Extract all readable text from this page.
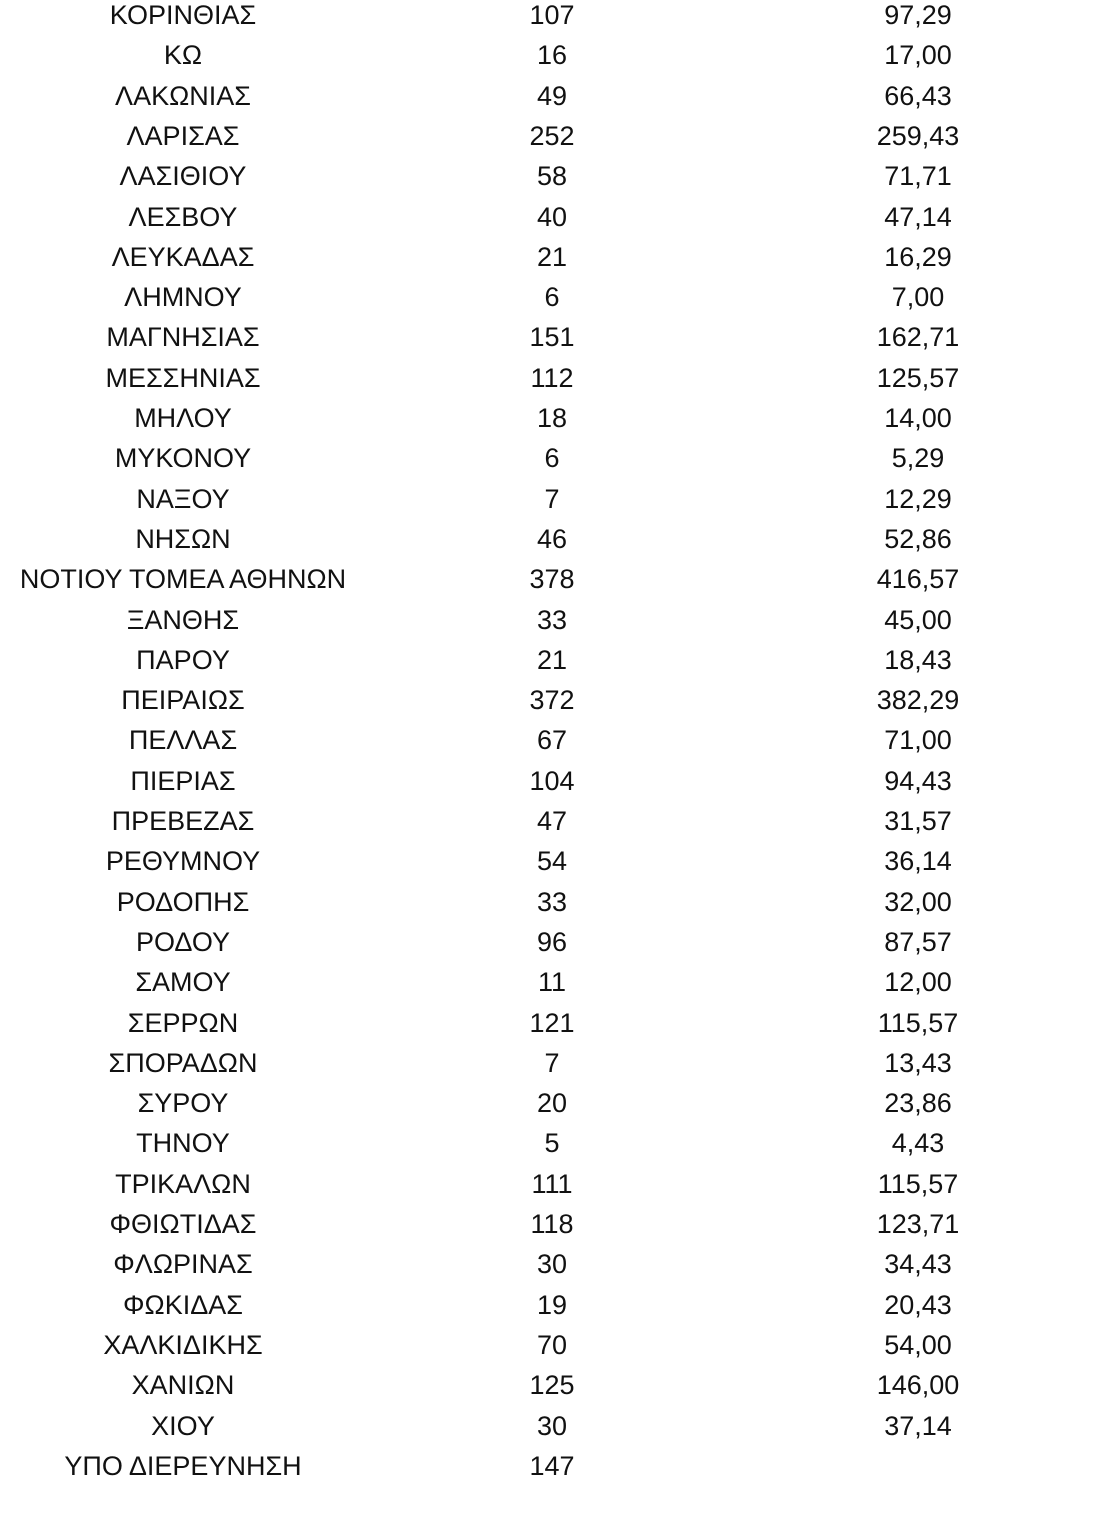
ΚΟΡΙΝΘΙΑΣ	107	97,29
ΚΩ	16	17,00
ΛΑΚΩΝΙΑΣ	49	66,43
ΛΑΡΙΣΑΣ	252	259,43
ΛΑΣΙΘΙΟΥ	58	71,71
ΛΕΣΒΟΥ	40	47,14
ΛΕΥΚΑΔΑΣ	21	16,29
ΛΗΜΝΟΥ	6	7,00
ΜΑΓΝΗΣΙΑΣ	151	162,71
ΜΕΣΣΗΝΙΑΣ	112	125,57
ΜΗΛΟΥ	18	14,00
ΜΥΚΟΝΟΥ	6	5,29
ΝΑΞΟΥ	7	12,29
ΝΗΣΩΝ	46	52,86
ΝΟΤΙΟΥ ΤΟΜΕΑ ΑΘΗΝΩΝ	378	416,57
ΞΑΝΘΗΣ	33	45,00
ΠΑΡΟΥ	21	18,43
ΠΕΙΡΑΙΩΣ	372	382,29
ΠΕΛΛΑΣ	67	71,00
ΠΙΕΡΙΑΣ	104	94,43
ΠΡΕΒΕΖΑΣ	47	31,57
ΡΕΘΥΜΝΟΥ	54	36,14
ΡΟΔΟΠΗΣ	33	32,00
ΡΟΔΟΥ	96	87,57
ΣΑΜΟΥ	11	12,00
ΣΕΡΡΩΝ	121	115,57
ΣΠΟΡΑΔΩΝ	7	13,43
ΣΥΡΟΥ	20	23,86
ΤΗΝΟΥ	5	4,43
ΤΡΙΚΑΛΩΝ	111	115,57
ΦΘΙΩΤΙΔΑΣ	118	123,71
ΦΛΩΡΙΝΑΣ	30	34,43
ΦΩΚΙΔΑΣ	19	20,43
ΧΑΛΚΙΔΙΚΗΣ	70	54,00
ΧΑΝΙΩΝ	125	146,00
ΧΙΟΥ	30	37,14
ΥΠΟ ΔΙΕΡΕΥΝΗΣΗ	147
